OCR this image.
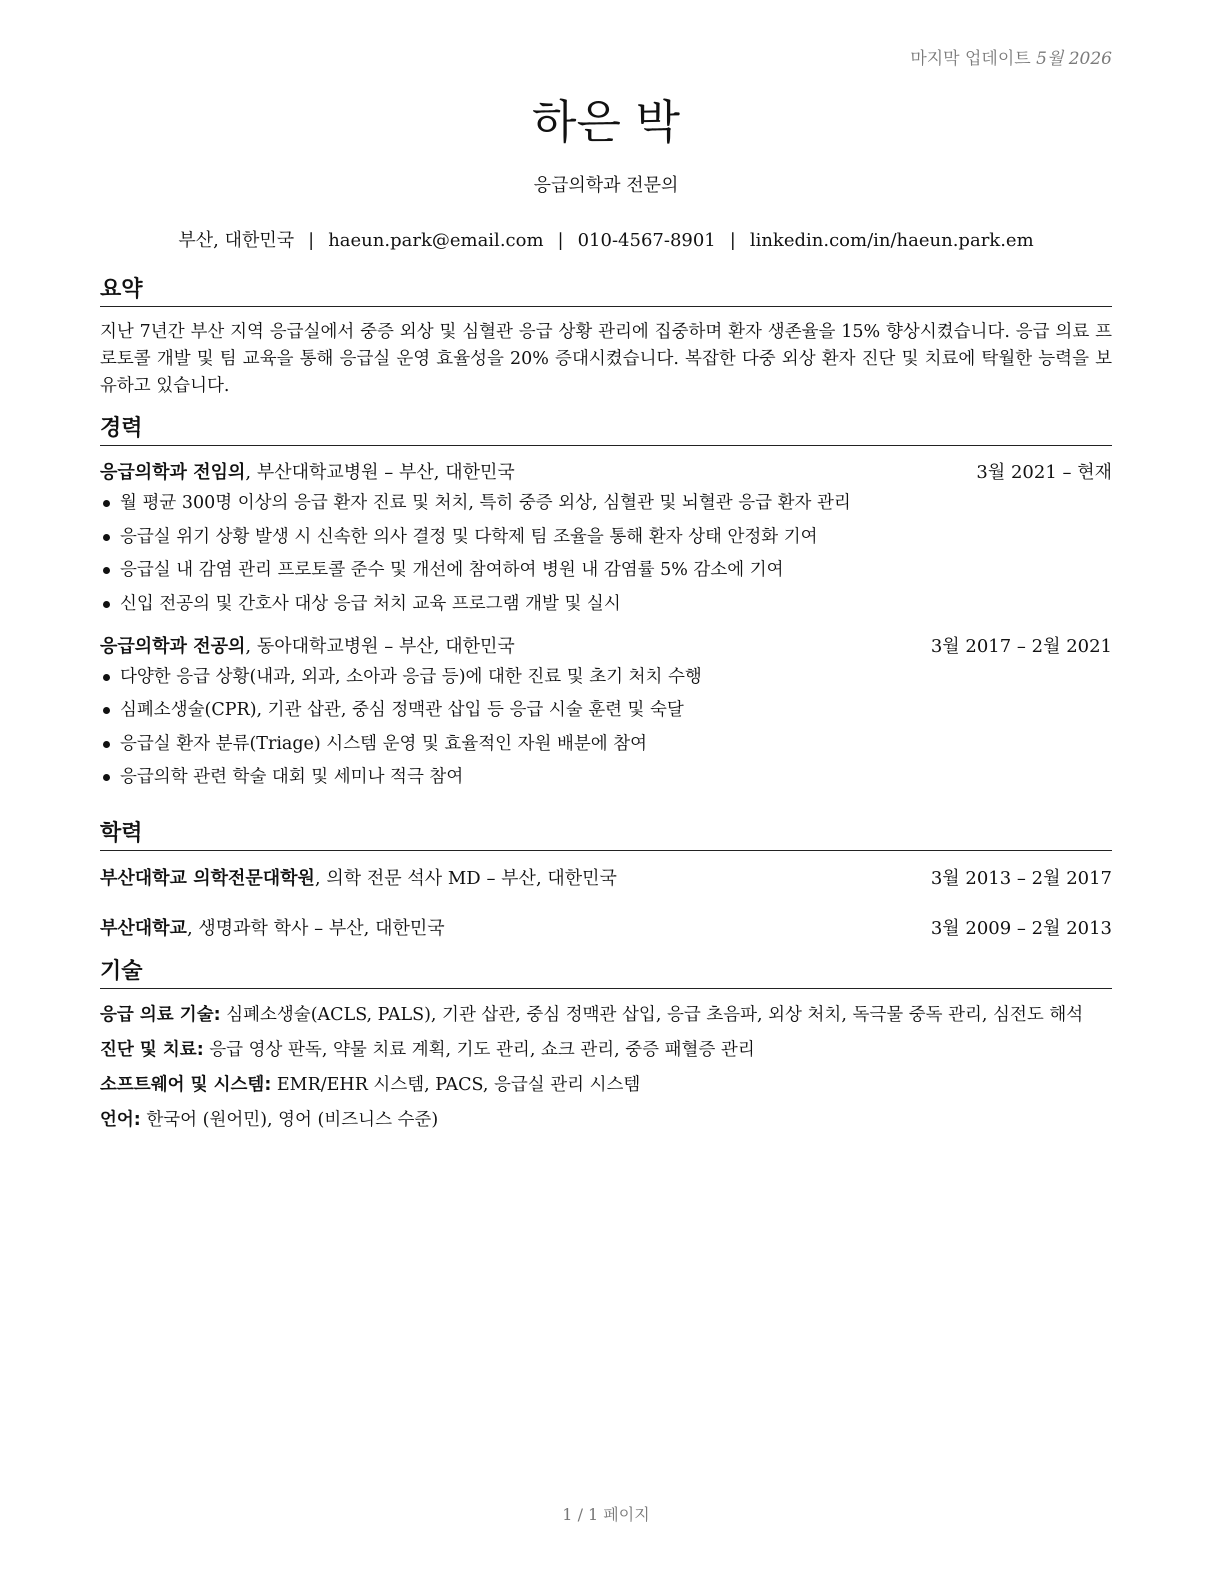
마지막 업데이트 5월 2026
하은 박
응급의학과 전문의
부산, 대한민국 | haeun.park@email.com | 010-4567-8901 | linkedin.com/in/haeun.park.em
요약
지난 7년간 부산 지역 응급실에서 중증 외상 및 심혈관 응급 상황 관리에 집중하며 환자 생존율을 15% 향상시켰습니다. 응급 의료 프로토콜 개발 및 팀 교육을 통해 응급실 운영 효율성을 20% 증대시켰습니다. 복잡한 다중 외상 환자 진단 및 치료에 탁월한 능력을 보유하고 있습니다.
경력
응급의학과 전임의, 부산대학교병원 – 부산, 대한민국	3월 2021 – 현재
월 평균 300명 이상의 응급 환자 진료 및 처치, 특히 중증 외상, 심혈관 및 뇌혈관 응급 환자 관리
응급실 위기 상황 발생 시 신속한 의사 결정 및 다학제 팀 조율을 통해 환자 상태 안정화 기여
응급실 내 감염 관리 프로토콜 준수 및 개선에 참여하여 병원 내 감염률 5% 감소에 기여
신입 전공의 및 간호사 대상 응급 처치 교육 프로그램 개발 및 실시
응급의학과 전공의, 동아대학교병원 – 부산, 대한민국	3월 2017 – 2월 2021
다양한 응급 상황(내과, 외과, 소아과 응급 등)에 대한 진료 및 초기 처치 수행
심폐소생술(CPR), 기관 삽관, 중심 정맥관 삽입 등 응급 시술 훈련 및 숙달
응급실 환자 분류(Triage) 시스템 운영 및 효율적인 자원 배분에 참여
응급의학 관련 학술 대회 및 세미나 적극 참여
학력
부산대학교 의학전문대학원, 의학 전문 석사 MD – 부산, 대한민국	3월 2013 – 2월 2017
부산대학교, 생명과학 학사 – 부산, 대한민국	3월 2009 – 2월 2013
기술
응급 의료 기술: 심폐소생술(ACLS, PALS), 기관 삽관, 중심 정맥관 삽입, 응급 초음파, 외상 처치, 독극물 중독 관리, 심전도 해석
진단 및 치료: 응급 영상 판독, 약물 치료 계획, 기도 관리, 쇼크 관리, 중증 패혈증 관리
소프트웨어 및 시스템: EMR/EHR 시스템, PACS, 응급실 관리 시스템
언어: 한국어 (원어민), 영어 (비즈니스 수준)
1 / 1 페이지
